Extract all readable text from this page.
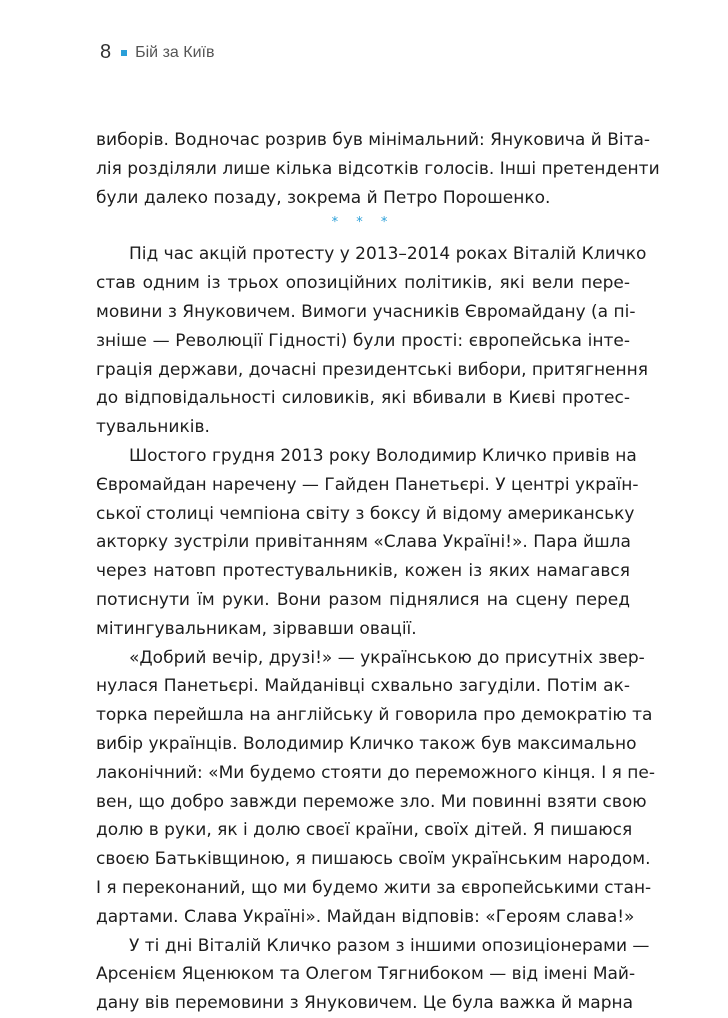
8 Бій за Київ

виборів. Водночас розрив був мінімальний: Януковича й Віта-
лія розділяли лише кілька відсотків голосів. Інші претенденти
були далеко позаду, зокрема й Петро Порошенко.

* * *

Під час акцій протесту у 2013–2014 роках Віталій Кличко
став одним із трьох опозиційних політиків, які вели пере-
мовини з Януковичем. Вимоги учасників Євромайдану (а пі-
зніше — Революції Гідності) були прості: європейська інте-
грація держави, дочасні президентські вибори, притягнення
до відповідальності силовиків, які вбивали в Києві протес-
тувальників.

Шостого грудня 2013 року Володимир Кличко привів на
Євромайдан наречену — Гайден Панетьєрі. У центрі україн-
ської столиці чемпіона світу з боксу й відому американську
акторку зустріли привітанням «Слава Україні!». Пара йшла
через натовп протестувальників, кожен із яких намагався
потиснути їм руки. Вони разом піднялися на сцену перед
мітингувальникам, зірвавши овації.

«Добрий вечір, друзі!» — українською до присутніх звер-
нулася Панетьєрі. Майданівці схвально загуділи. Потім ак-
торка перейшла на англійську й говорила про демократію та
вибір українців. Володимир Кличко також був максимально
лаконічний: «Ми будемо стояти до переможного кінця. І я пе-
вен, що добро завжди переможе зло. Ми повинні взяти свою
долю в руки, як і долю своєї країни, своїх дітей. Я пишаюся
своєю Батьківщиною, я пишаюсь своїм українським народом.
І я переконаний, що ми будемо жити за європейськими стан-
дартами. Слава Україні». Майдан відповів: «Героям слава!»

У ті дні Віталій Кличко разом з іншими опозиціонерами —
Арсенієм Яценюком та Олегом Тягнибоком — від імені Май-
дану вів перемовини з Януковичем. Це була важка й марна
